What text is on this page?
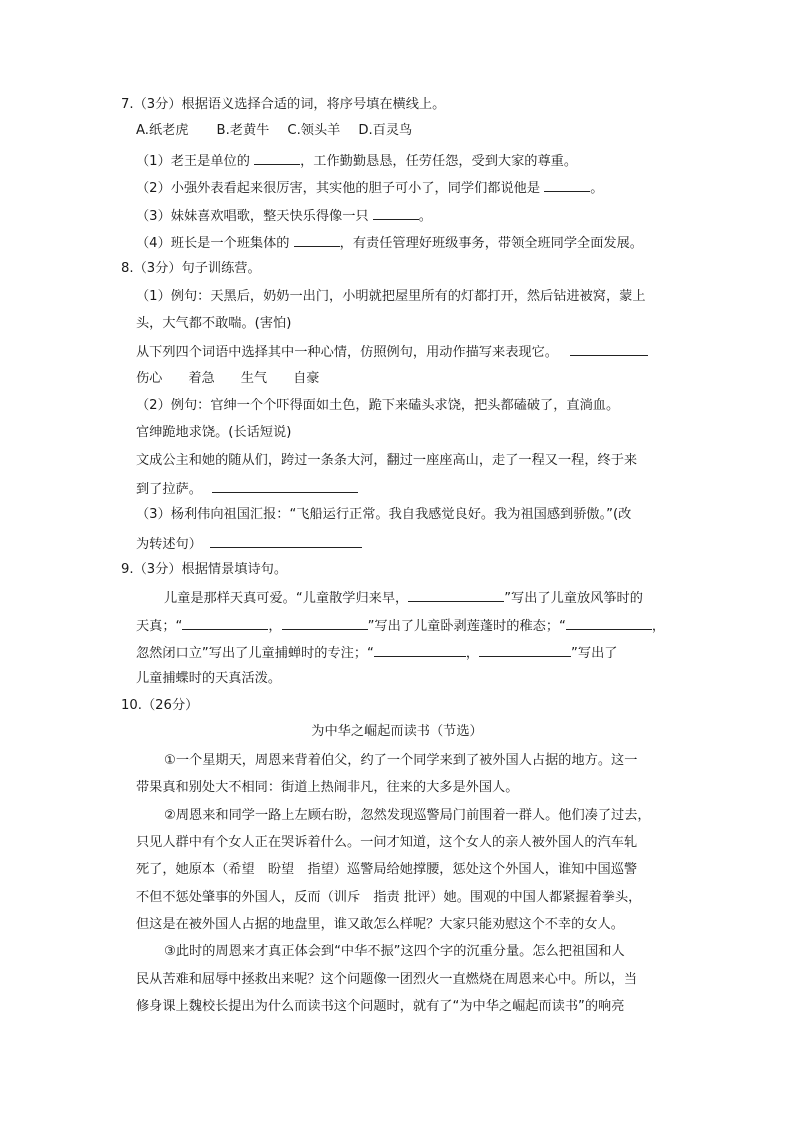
7.（3分）根据语义选择合适的词，将序号填在横线上。
A.纸老虎 B.老黄牛 C.领头羊 D.百灵鸟
（1）老王是单位的	，工作勤勤恳恳，任劳任怨，受到大家的尊重。
（2）小强外表看起来很厉害，其实他的胆子可小了，同学们都说他是	。
（3）妹妹喜欢唱歌，整天快乐得像一只	。
（4）班长是一个班集体的	，有责任管理好班级事务，带领全班同学全面发展。
8.（3分）句子训练营。
（1）例句：天黑后，奶奶一出门，小明就把屋里所有的灯都打开，然后钻进被窝，蒙上
头，大气都不敢喘。(害怕)
从下列四个词语中选择其中一种心情，仿照例句，用动作描写来表现它。
伤心 着急 生气 自豪
（2）例句：官绅一个个吓得面如土色，跪下来磕头求饶，把头都磕破了，直淌血。
官绅跪地求饶。(长话短说)
文成公主和她的随从们，跨过一条条大河，翻过一座座高山，走了一程又一程，终于来
到了拉萨。
（3）杨利伟向祖国汇报：“飞船运行正常。我自我感觉良好。我为祖国感到骄傲。”(改
为转述句）
9.（3分）根据情景填诗句。
儿童是那样天真可爱。“儿童散学归来早，	”写出了儿童放风筝时的
天真；“	，	”写出了儿童卧剥莲蓬时的稚态；“	，
忽然闭口立”写出了儿童捕蝉时的专注；“	，	”写出了
儿童捕蝶时的天真活泼。
10.（26分）
为中华之崛起而读书（节选）
①一个星期天，周恩来背着伯父，约了一个同学来到了被外国人占据的地方。这一
带果真和别处大不相同：街道上热闹非凡，往来的大多是外国人。
②周恩来和同学一路上左顾右盼，忽然发现巡警局门前围着一群人。他们凑了过去，
只见人群中有个女人正在哭诉着什么。一问才知道，这个女人的亲人被外国人的汽车轧
死了，她原本（希望　盼望　指望）巡警局给她撑腰，惩处这个外国人，谁知中国巡警
不但不惩处肇事的外国人，反而（训斥　指责 批评）她。围观的中国人都紧握着拳头，
但这是在被外国人占据的地盘里，谁又敢怎么样呢？大家只能劝慰这个不幸的女人。
③此时的周恩来才真正体会到“中华不振”这四个字的沉重分量。怎么把祖国和人
民从苦难和屈辱中拯救出来呢？这个问题像一团烈火一直燃烧在周恩来心中。所以，当
修身课上魏校长提出为什么而读书这个问题时，就有了“为中华之崛起而读书”的响亮
